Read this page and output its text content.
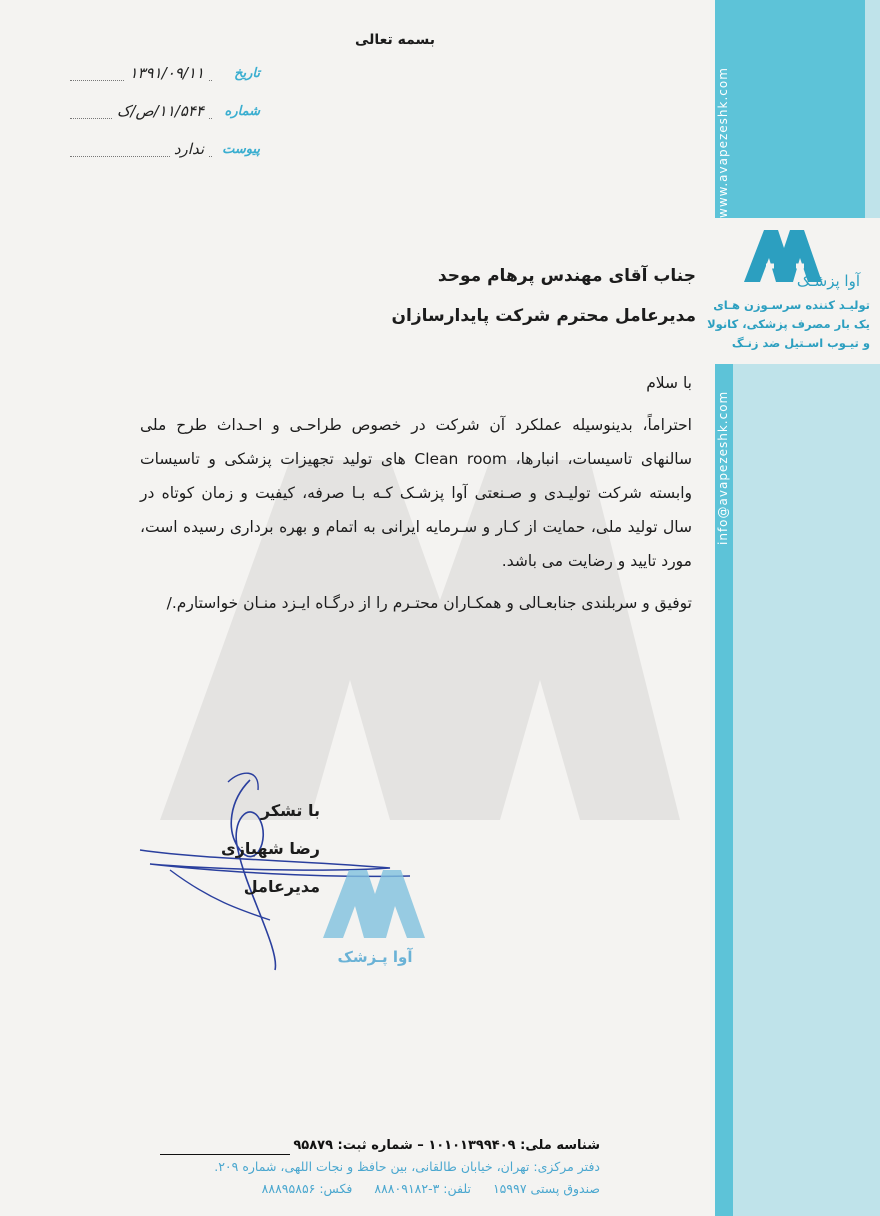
www.avapezeshk.com
info@avapezeshk.com
آوا پزشـک
تولیـد کننده سرسـوزن هـای
یک بار مصرف پزشکی، کانولا
و تیـوب اسـتیل ضد زنـگ
بسمه تعالی
تاریخ
۱۳۹۱/۰۹/۱۱
شماره
۱۱/۵۴۴/ص/ک
پیوست
ندارد
جناب آقای مهندس پرهام موحد
مدیرعامل محترم شرکت پایدارسازان

با سلام

احتراماً، بدینوسیله عملکرد آن شرکت در خصوص طراحـی و احـداث طرح ملی سالنهای تاسیسات، انبارها، Clean room های تولید تجهیزات پزشکی و تاسیسات وابسته شرکت تولیـدی و صـنعتی آوا پزشـک کـه بـا صرفه، کیفیت و زمان کوتاه در سال تولید ملی، حمایت از کـار و سـرمایه ایرانی به اتمام و بهره برداری رسیده است، مورد تایید و رضایت می باشد.

توفیق و سربلندی جنابعـالی و همکـاران محتـرم را از درگـاه ایـزد منـان خواستارم./

با تشکر
رضا شهبازی
مدیرعامل
آوا پـزشک
شناسه ملی: ۱۰۱۰۱۳۹۹۴۰۹ – شماره ثبت: ۹۵۸۷۹
دفتر مرکزی: تهران، خیابان طالقانی، بین حافظ و نجات اللهی، شماره ۲۰۹.
صندوق پستی ۱۵۹۹۷تلفن: ۳-۸۸۸۰۹۱۸۲فکس: ۸۸۸۹۵۸۵۶
